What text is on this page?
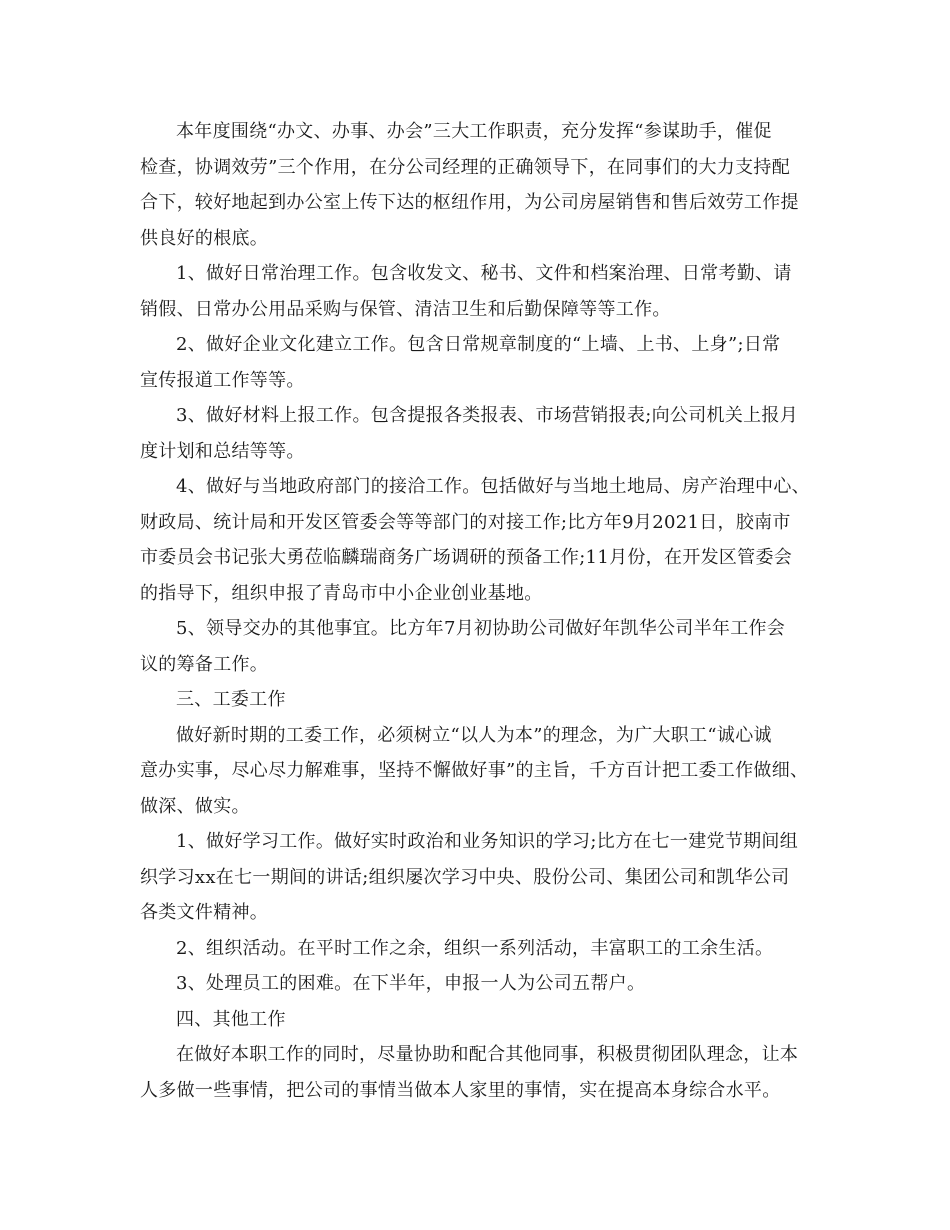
本年度围绕“办文、办事、办会”三大工作职责，充分发挥“参谋助手，催促
检查，协调效劳”三个作用，在分公司经理的正确领导下，在同事们的大力支持配
合下，较好地起到办公室上传下达的枢纽作用，为公司房屋销售和售后效劳工作提
供良好的根底。

1、做好日常治理工作。包含收发文、秘书、文件和档案治理、日常考勤、请
销假、日常办公用品采购与保管、清洁卫生和后勤保障等等工作。

2、做好企业文化建立工作。包含日常规章制度的“上墙、上书、上身”;日常
宣传报道工作等等。

3、做好材料上报工作。包含提报各类报表、市场营销报表;向公司机关上报月
度计划和总结等等。

4、做好与当地政府部门的接洽工作。包括做好与当地土地局、房产治理中心、
财政局、统计局和开发区管委会等等部门的对接工作;比方年9月2021日，胶南市
市委员会书记张大勇莅临麟瑞商务广场调研的预备工作;11月份，在开发区管委会
的指导下，组织申报了青岛市中小企业创业基地。

5、领导交办的其他事宜。比方年7月初协助公司做好年凯华公司半年工作会
议的筹备工作。

三、工委工作

做好新时期的工委工作，必须树立“以人为本”的理念，为广大职工“诚心诚
意办实事，尽心尽力解难事，坚持不懈做好事”的主旨，千方百计把工委工作做细、
做深、做实。

1、做好学习工作。做好实时政治和业务知识的学习;比方在七一建党节期间组
织学习xx在七一期间的讲话;组织屡次学习中央、股份公司、集团公司和凯华公司
各类文件精神。

2、组织活动。在平时工作之余，组织一系列活动，丰富职工的工余生活。

3、处理员工的困难。在下半年，申报一人为公司五帮户。

四、其他工作

在做好本职工作的同时，尽量协助和配合其他同事，积极贯彻团队理念，让本
人多做一些事情，把公司的事情当做本人家里的事情，实在提高本身综合水平。
